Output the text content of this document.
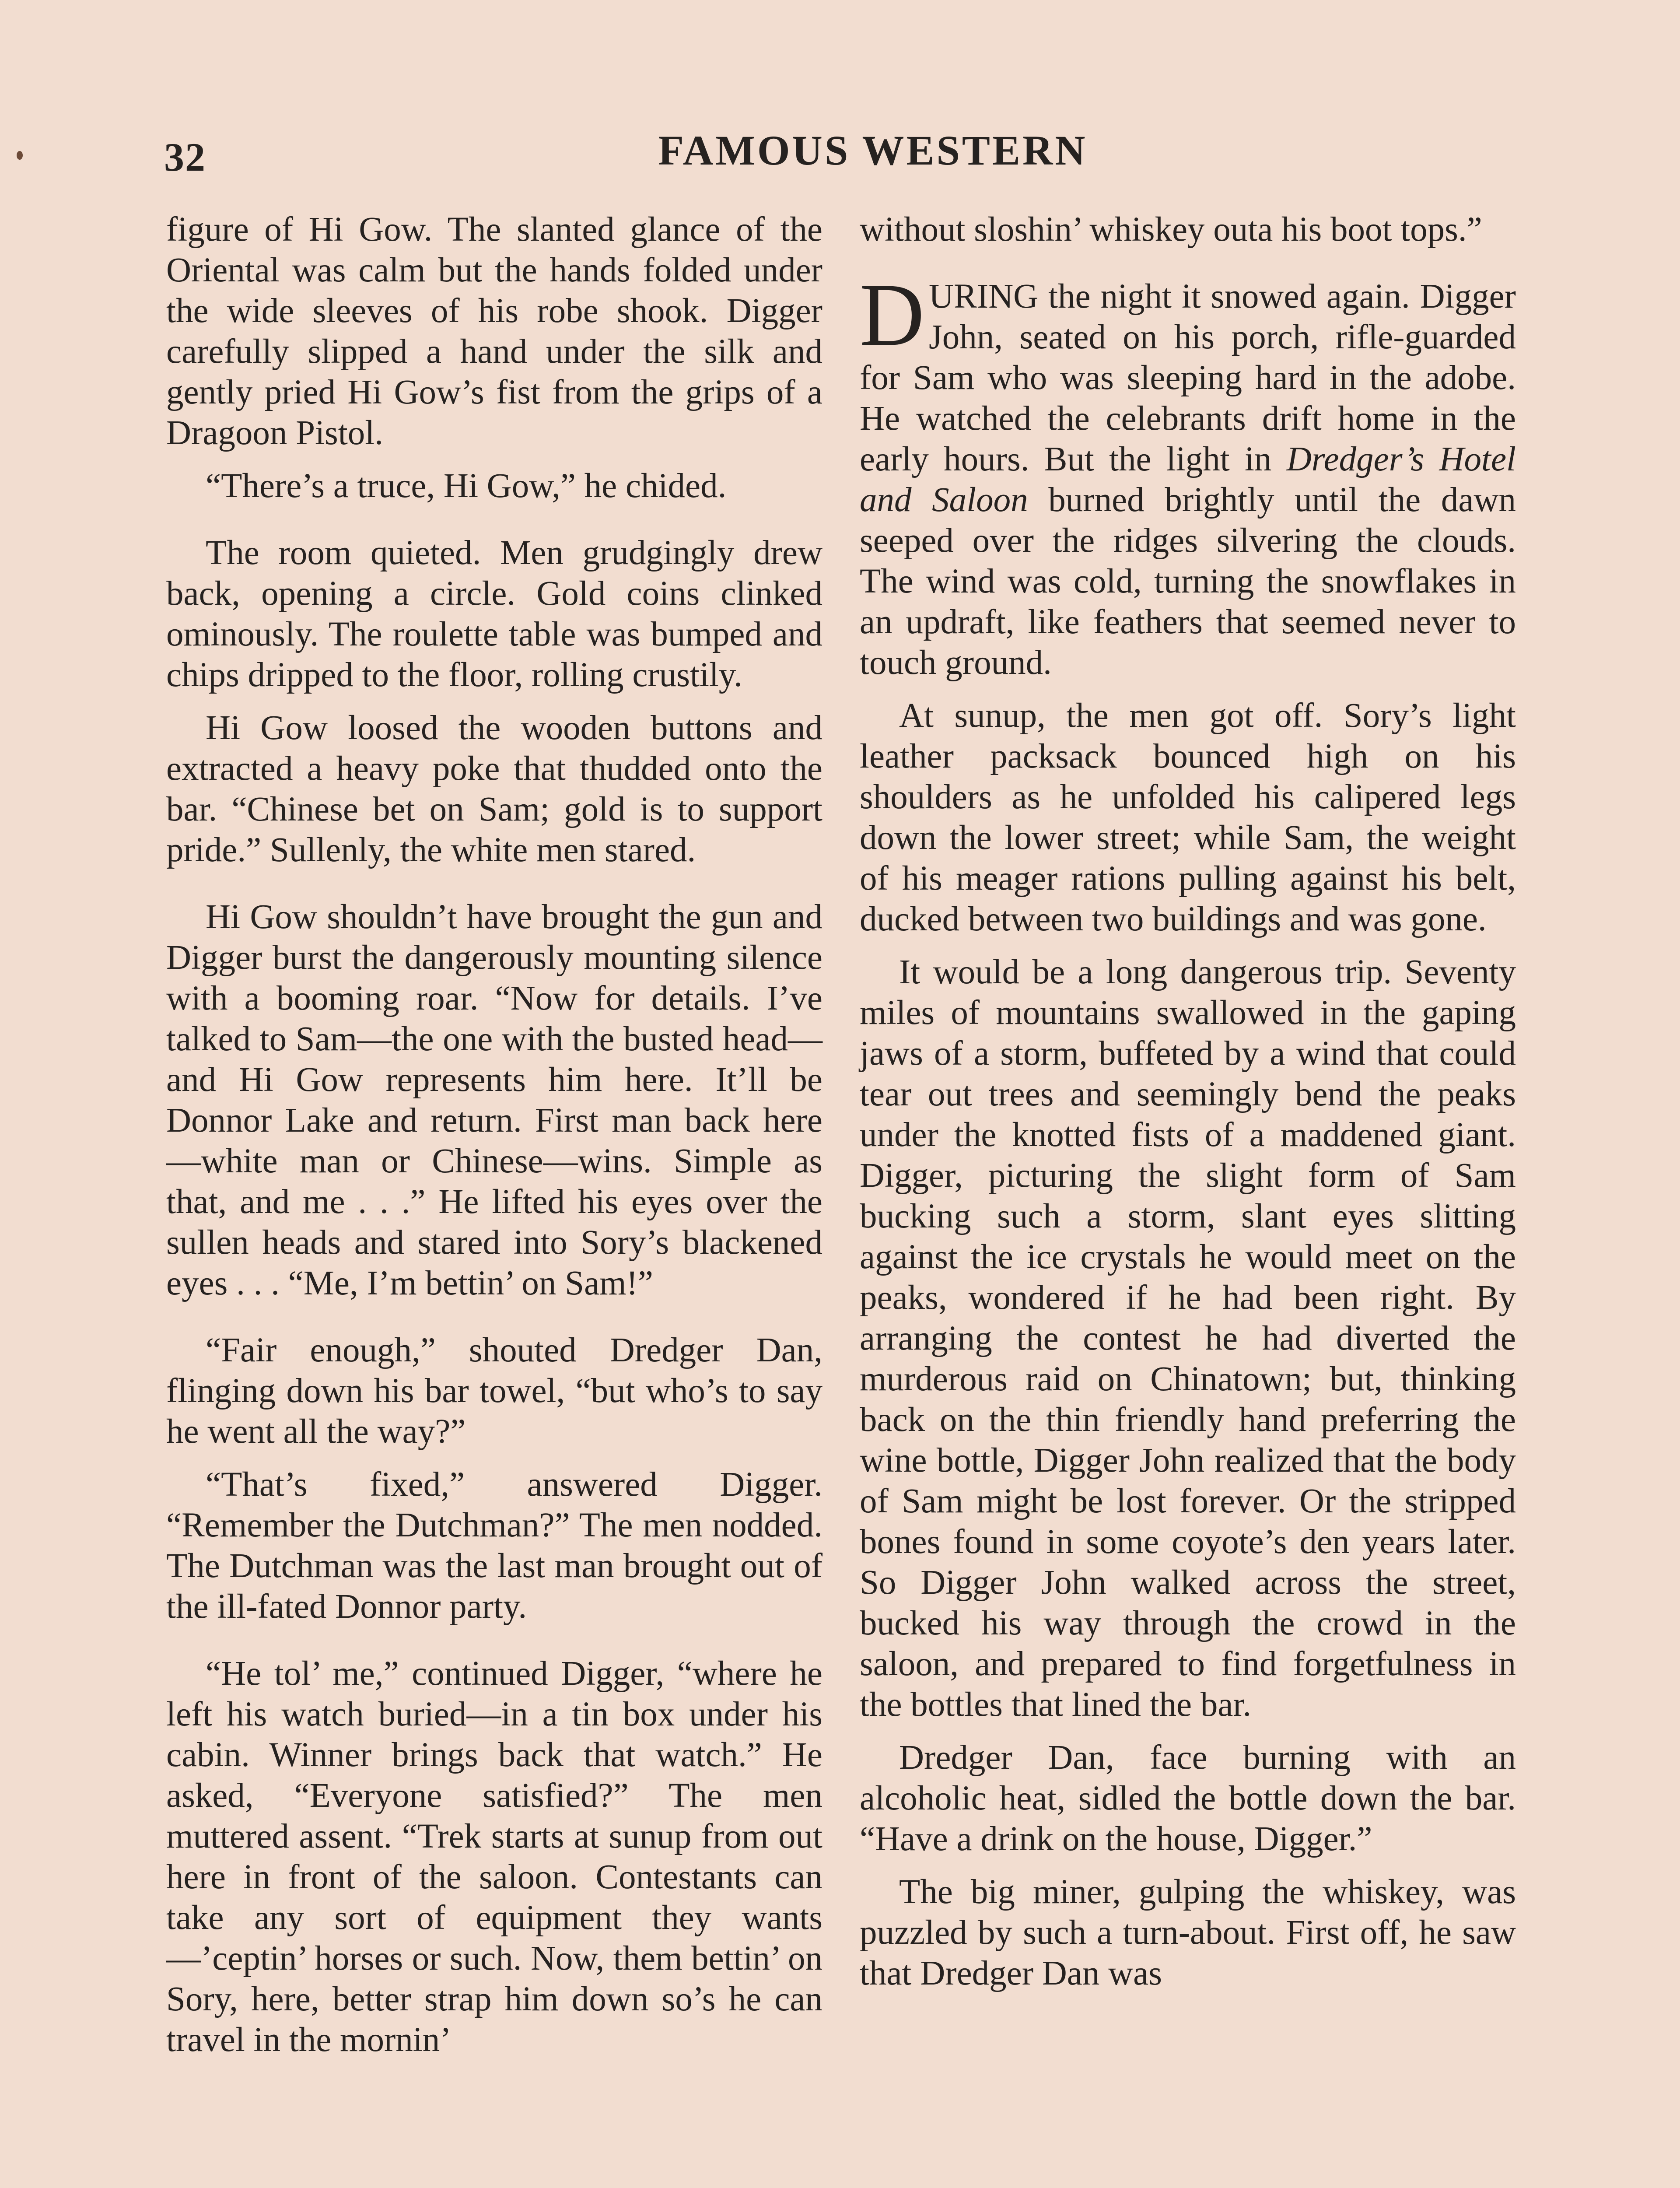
32	FAMOUS WESTERN

figure of Hi Gow. The slanted glance of the Oriental was calm but the hands folded under the wide sleeves of his robe shook. Digger carefully slipped a hand under the silk and gently pried Hi Gow’s fist from the grips of a Dragoon Pistol.

“There’s a truce, Hi Gow,” he chided.

The room quieted. Men grudgingly drew back, opening a circle. Gold coins clinked ominously. The roulette table was bumped and chips dripped to the floor, rolling crustily.

Hi Gow loosed the wooden buttons and extracted a heavy poke that thudded onto the bar. “Chinese bet on Sam; gold is to support pride.” Sullenly, the white men stared.

Hi Gow shouldn’t have brought the gun and Digger burst the dangerously mounting silence with a booming roar. “Now for details. I’ve talked to Sam—the one with the busted head—and Hi Gow represents him here. It’ll be Donnor Lake and return. First man back here—white man or Chinese—wins. Simple as that, and me . . .” He lifted his eyes over the sullen heads and stared into Sory’s blackened eyes . . . “Me, I’m bettin’ on Sam!”

“Fair enough,” shouted Dredger Dan, flinging down his bar towel, “but who’s to say he went all the way?”

“That’s fixed,” answered Digger. “Remember the Dutchman?” The men nodded. The Dutchman was the last man brought out of the ill-fated Donnor party.

“He tol’ me,” continued Digger, “where he left his watch buried—in a tin box under his cabin. Winner brings back that watch.” He asked, “Everyone satisfied?” The men muttered assent. “Trek starts at sunup from out here in front of the saloon. Contestants can take any sort of equipment they wants —’ceptin’ horses or such. Now, them bettin’ on Sory, here, better strap him down so’s he can travel in the mornin’

without sloshin’ whiskey outa his boot tops.”

DURING the night it snowed again. Digger John, seated on his porch, rifle-guarded for Sam who was sleeping hard in the adobe. He watched the celebrants drift home in the early hours. But the light in Dredger’s Hotel and Saloon burned brightly until the dawn seeped over the ridges silvering the clouds. The wind was cold, turning the snowflakes in an updraft, like feathers that seemed never to touch ground.

At sunup, the men got off. Sory’s light leather packsack bounced high on his shoulders as he unfolded his calipered legs down the lower street; while Sam, the weight of his meager rations pulling against his belt, ducked between two buildings and was gone.

It would be a long dangerous trip. Seventy miles of mountains swallowed in the gaping jaws of a storm, buffeted by a wind that could tear out trees and seemingly bend the peaks under the knotted fists of a maddened giant. Digger, picturing the slight form of Sam bucking such a storm, slant eyes slitting against the ice crystals he would meet on the peaks, wondered if he had been right. By arranging the contest he had diverted the murderous raid on Chinatown; but, thinking back on the thin friendly hand preferring the wine bottle, Digger John realized that the body of Sam might be lost forever. Or the stripped bones found in some coyote’s den years later. So Digger John walked across the street, bucked his way through the crowd in the saloon, and prepared to find forgetfulness in the bottles that lined the bar.

Dredger Dan, face burning with an alcoholic heat, sidled the bottle down the bar. “Have a drink on the house, Digger.”

The big miner, gulping the whiskey, was puzzled by such a turn-about. First off, he saw that Dredger Dan was
